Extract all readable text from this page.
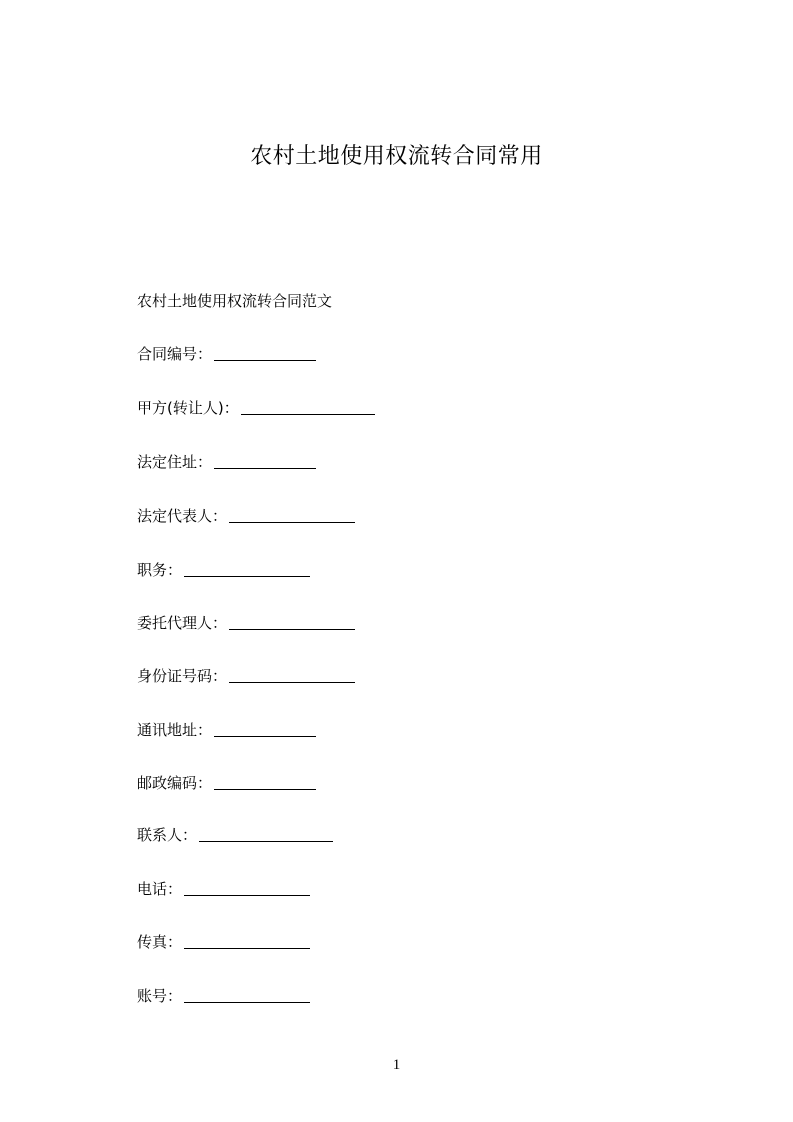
农村土地使用权流转合同常用
农村土地使用权流转合同范文
合同编号：
甲方(转让人)：
法定住址：
法定代表人：
职务：
委托代理人：
身份证号码：
通讯地址：
邮政编码：
联系人：
电话：
传真：
账号：
1
